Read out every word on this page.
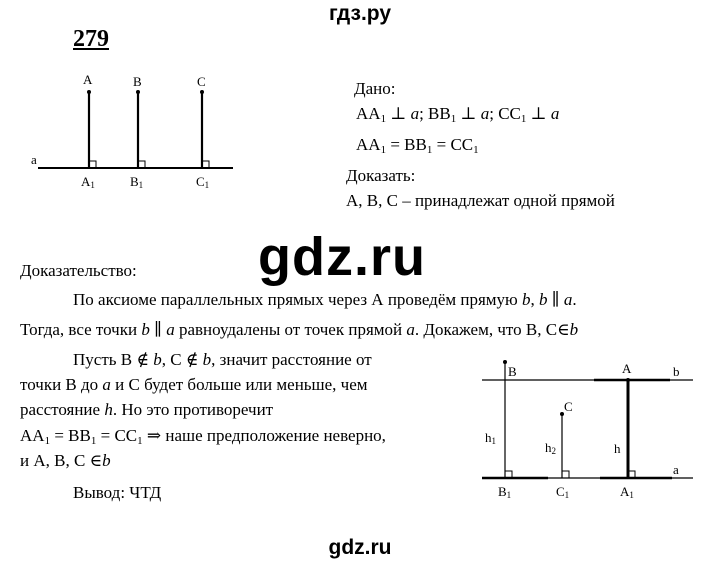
гдз.ру
gdz.ru
gdz.ru
279
Дано:
$AA_1$ ⊥ a; $BB_1$ ⊥ a; $CC_1$ ⊥ a
$AA_1 = BB_1 = CC_1$
Доказать:
A, B, C – принадлежат одной прямой
Доказательство:
По аксиоме параллельных прямых через А проведём прямую b, b ∥ a.
Тогда, все точки b ∥ a равноудалены от точек прямой a. Докажем, что В, С∈b
Пусть В ∉ b, С ∉ b, значит расстояние от
точки В до a и С будет больше или меньше, чем
расстояние h. Но это противоречит
$AA_1 = BB_1 = CC_1$ ⇒ наше предположение неверно,
и А, В, С ∈b
Вывод: ЧТД
A	B	C
a
A1	B1	C1
B	A
C
b
a
h1	h2	h
B1	C1	A1
